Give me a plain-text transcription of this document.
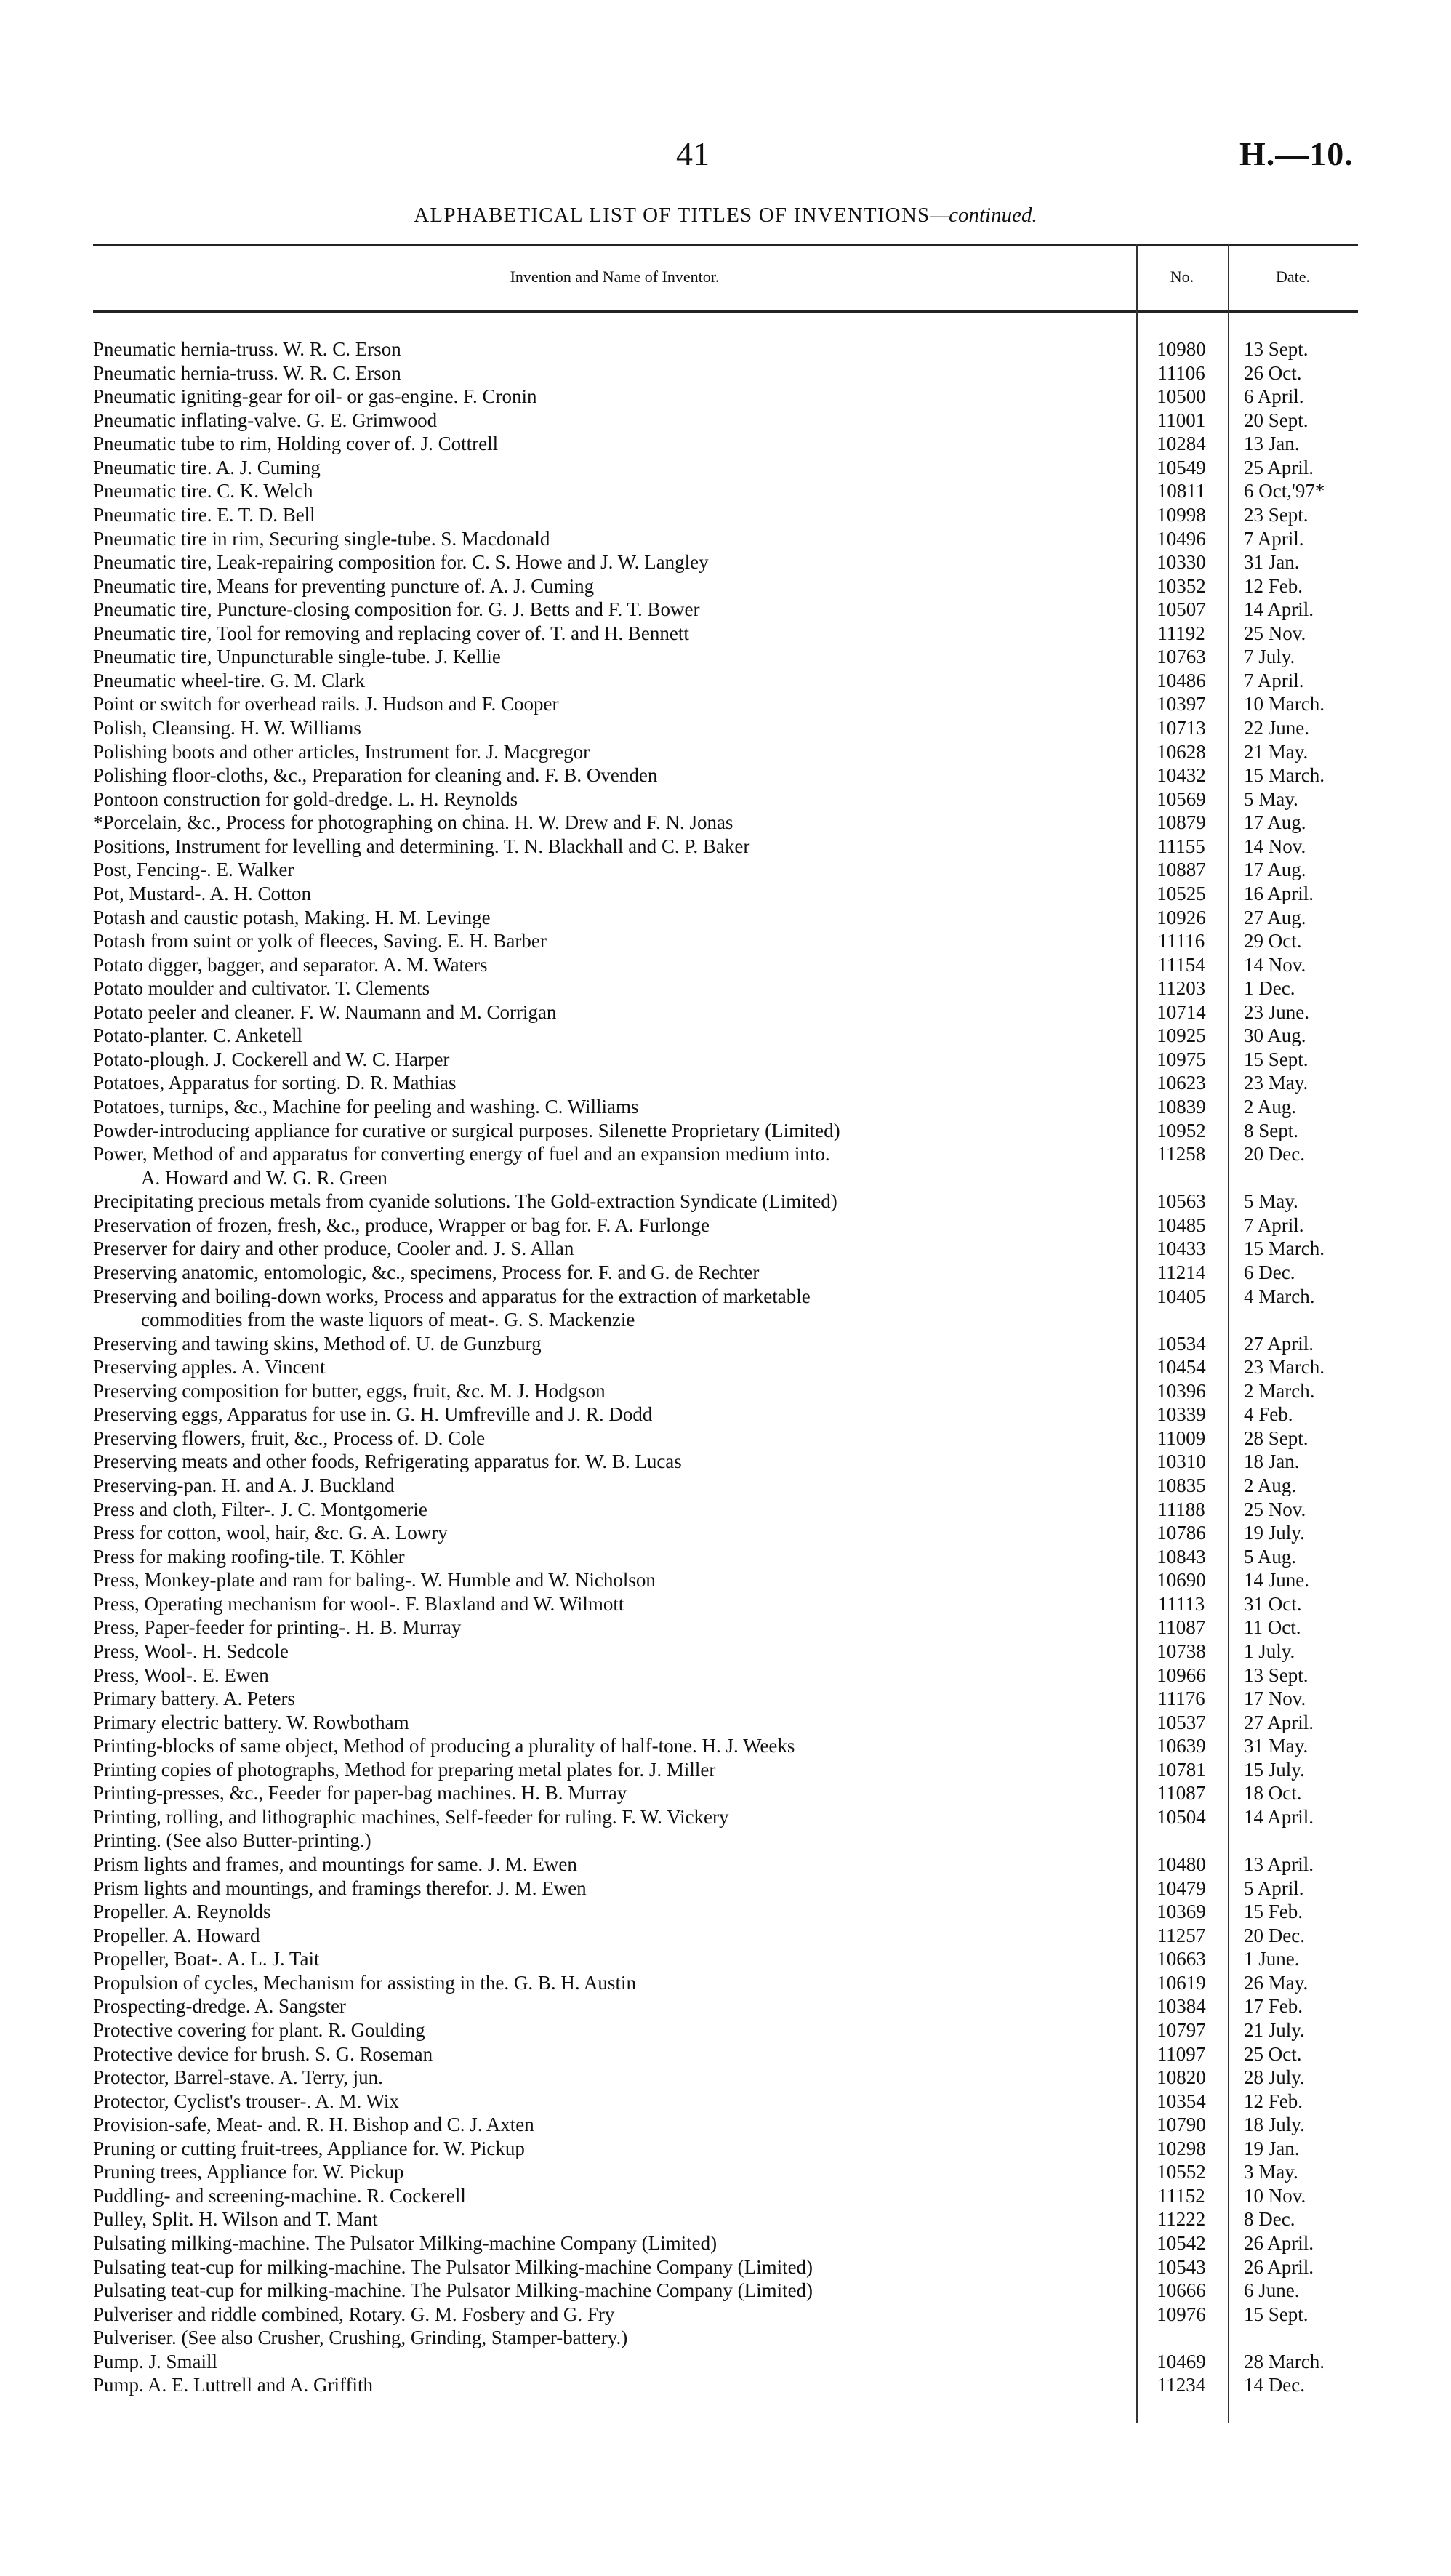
41	H.—10.
ALPHABETICAL LIST OF TITLES OF INVENTIONS—continued.
Invention and Name of Inventor.	No.	Date.
Pneumatic hernia-truss. W. R. C. Erson	10980	13 Sept.
Pneumatic hernia-truss. W. R. C. Erson	11106	26 Oct.
Pneumatic igniting-gear for oil- or gas-engine. F. Cronin	10500	6 April.
Pneumatic inflating-valve. G. E. Grimwood	11001	20 Sept.
Pneumatic tube to rim, Holding cover of. J. Cottrell	10284	13 Jan.
Pneumatic tire. A. J. Cuming	10549	25 April.
Pneumatic tire. C. K. Welch	10811	6 Oct,'97*
Pneumatic tire. E. T. D. Bell	10998	23 Sept.
Pneumatic tire in rim, Securing single-tube. S. Macdonald	10496	7 April.
Pneumatic tire, Leak-repairing composition for. C. S. Howe and J. W. Langley	10330	31 Jan.
Pneumatic tire, Means for preventing puncture of. A. J. Cuming	10352	12 Feb.
Pneumatic tire, Puncture-closing composition for. G. J. Betts and F. T. Bower	10507	14 April.
Pneumatic tire, Tool for removing and replacing cover of. T. and H. Bennett	11192	25 Nov.
Pneumatic tire, Unpuncturable single-tube. J. Kellie	10763	7 July.
Pneumatic wheel-tire. G. M. Clark	10486	7 April.
Point or switch for overhead rails. J. Hudson and F. Cooper	10397	10 March.
Polish, Cleansing. H. W. Williams	10713	22 June.
Polishing boots and other articles, Instrument for. J. Macgregor	10628	21 May.
Polishing floor-cloths, &c., Preparation for cleaning and. F. B. Ovenden	10432	15 March.
Pontoon construction for gold-dredge. L. H. Reynolds	10569	5 May.
*Porcelain, &c., Process for photographing on china. H. W. Drew and F. N. Jonas	10879	17 Aug.
Positions, Instrument for levelling and determining. T. N. Blackhall and C. P. Baker	11155	14 Nov.
Post, Fencing-. E. Walker	10887	17 Aug.
Pot, Mustard-. A. H. Cotton	10525	16 April.
Potash and caustic potash, Making. H. M. Levinge	10926	27 Aug.
Potash from suint or yolk of fleeces, Saving. E. H. Barber	11116	29 Oct.
Potato digger, bagger, and separator. A. M. Waters	11154	14 Nov.
Potato moulder and cultivator. T. Clements	11203	1 Dec.
Potato peeler and cleaner. F. W. Naumann and M. Corrigan	10714	23 June.
Potato-planter. C. Anketell	10925	30 Aug.
Potato-plough. J. Cockerell and W. C. Harper	10975	15 Sept.
Potatoes, Apparatus for sorting. D. R. Mathias	10623	23 May.
Potatoes, turnips, &c., Machine for peeling and washing. C. Williams	10839	2 Aug.
Powder-introducing appliance for curative or surgical purposes. Silenette Proprietary (Limited)	10952	8 Sept.
Power, Method of and apparatus for converting energy of fuel and an expansion medium into.
A. Howard and W. G. R. Green
11258	20 Dec.
Precipitating precious metals from cyanide solutions. The Gold-extraction Syndicate (Limited)	10563	5 May.
Preservation of frozen, fresh, &c., produce, Wrapper or bag for. F. A. Furlonge	10485	7 April.
Preserver for dairy and other produce, Cooler and. J. S. Allan	10433	15 March.
Preserving anatomic, entomologic, &c., specimens, Process for. F. and G. de Rechter	11214	6 Dec.
Preserving and boiling-down works, Process and apparatus for the extraction of marketable
commodities from the waste liquors of meat-. G. S. Mackenzie
10405	4 March.
Preserving and tawing skins, Method of. U. de Gunzburg	10534	27 April.
Preserving apples. A. Vincent	10454	23 March.
Preserving composition for butter, eggs, fruit, &c. M. J. Hodgson	10396	2 March.
Preserving eggs, Apparatus for use in. G. H. Umfreville and J. R. Dodd	10339	4 Feb.
Preserving flowers, fruit, &c., Process of. D. Cole	11009	28 Sept.
Preserving meats and other foods, Refrigerating apparatus for. W. B. Lucas	10310	18 Jan.
Preserving-pan. H. and A. J. Buckland	10835	2 Aug.
Press and cloth, Filter-. J. C. Montgomerie	11188	25 Nov.
Press for cotton, wool, hair, &c. G. A. Lowry	10786	19 July.
Press for making roofing-tile. T. Köhler	10843	5 Aug.
Press, Monkey-plate and ram for baling-. W. Humble and W. Nicholson	10690	14 June.
Press, Operating mechanism for wool-. F. Blaxland and W. Wilmott	11113	31 Oct.
Press, Paper-feeder for printing-. H. B. Murray	11087	11 Oct.
Press, Wool-. H. Sedcole	10738	1 July.
Press, Wool-. E. Ewen	10966	13 Sept.
Primary battery. A. Peters	11176	17 Nov.
Primary electric battery. W. Rowbotham	10537	27 April.
Printing-blocks of same object, Method of producing a plurality of half-tone. H. J. Weeks	10639	31 May.
Printing copies of photographs, Method for preparing metal plates for. J. Miller	10781	15 July.
Printing-presses, &c., Feeder for paper-bag machines. H. B. Murray	11087	18 Oct.
Printing, rolling, and lithographic machines, Self-feeder for ruling. F. W. Vickery	10504	14 April.
Printing. (See also Butter-printing.)
Prism lights and frames, and mountings for same. J. M. Ewen	10480	13 April.
Prism lights and mountings, and framings therefor. J. M. Ewen	10479	5 April.
Propeller. A. Reynolds	10369	15 Feb.
Propeller. A. Howard	11257	20 Dec.
Propeller, Boat-. A. L. J. Tait	10663	1 June.
Propulsion of cycles, Mechanism for assisting in the. G. B. H. Austin	10619	26 May.
Prospecting-dredge. A. Sangster	10384	17 Feb.
Protective covering for plant. R. Goulding	10797	21 July.
Protective device for brush. S. G. Roseman	11097	25 Oct.
Protector, Barrel-stave. A. Terry, jun.	10820	28 July.
Protector, Cyclist's trouser-. A. M. Wix	10354	12 Feb.
Provision-safe, Meat- and. R. H. Bishop and C. J. Axten	10790	18 July.
Pruning or cutting fruit-trees, Appliance for. W. Pickup	10298	19 Jan.
Pruning trees, Appliance for. W. Pickup	10552	3 May.
Puddling- and screening-machine. R. Cockerell	11152	10 Nov.
Pulley, Split. H. Wilson and T. Mant	11222	8 Dec.
Pulsating milking-machine. The Pulsator Milking-machine Company (Limited)	10542	26 April.
Pulsating teat-cup for milking-machine. The Pulsator Milking-machine Company (Limited)	10543	26 April.
Pulsating teat-cup for milking-machine. The Pulsator Milking-machine Company (Limited)	10666	6 June.
Pulveriser and riddle combined, Rotary. G. M. Fosbery and G. Fry	10976	15 Sept.
Pulveriser. (See also Crusher, Crushing, Grinding, Stamper-battery.)
Pump. J. Smaill	10469	28 March.
Pump. A. E. Luttrell and A. Griffith	11234	14 Dec.
